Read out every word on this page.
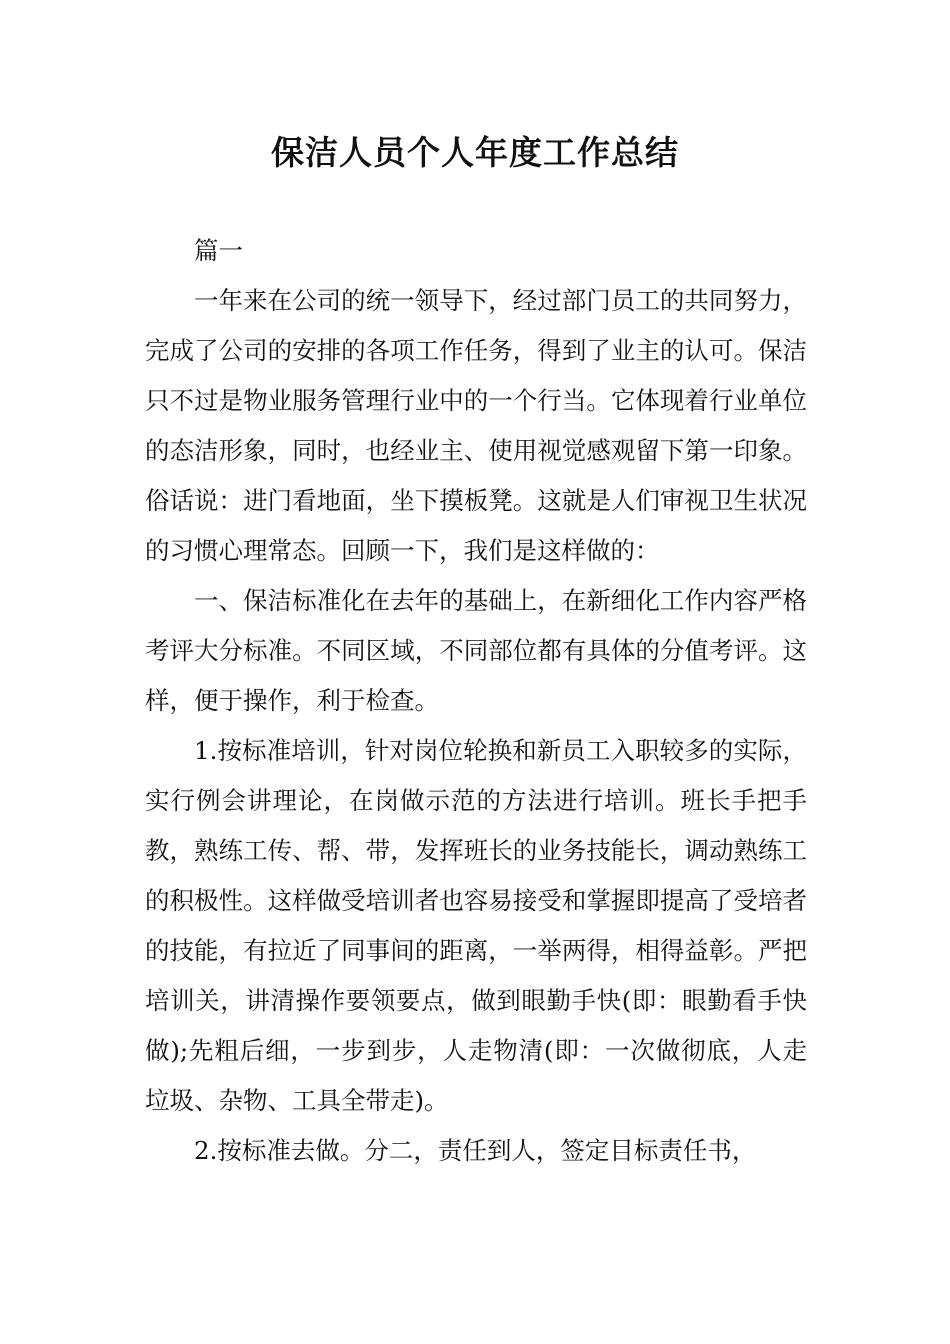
保洁人员个人年度工作总结

篇一

一年来在公司的统一领导下，经过部门员工的共同努力，完成了公司的安排的各项工作任务，得到了业主的认可。保洁只不过是物业服务管理行业中的一个行当。它体现着行业单位的态洁形象，同时，也经业主、使用视觉感观留下第一印象。俗话说：进门看地面，坐下摸板凳。这就是人们审视卫生状况的习惯心理常态。回顾一下，我们是这样做的：

一、保洁标准化在去年的基础上，在新细化工作内容严格考评大分标准。不同区域，不同部位都有具体的分值考评。这样，便于操作，利于检查。

1.按标准培训，针对岗位轮换和新员工入职较多的实际，实行例会讲理论，在岗做示范的方法进行培训。班长手把手教，熟练工传、帮、带，发挥班长的业务技能长，调动熟练工的积极性。这样做受培训者也容易接受和掌握即提高了受培者的技能，有拉近了同事间的距离，一举两得，相得益彰。严把培训关，讲清操作要领要点，做到眼勤手快(即：眼勤看手快做);先粗后细，一步到步，人走物清(即：一次做彻底，人走垃圾、杂物、工具全带走)。

2.按标准去做。分二，责任到人，签定目标责任书，
